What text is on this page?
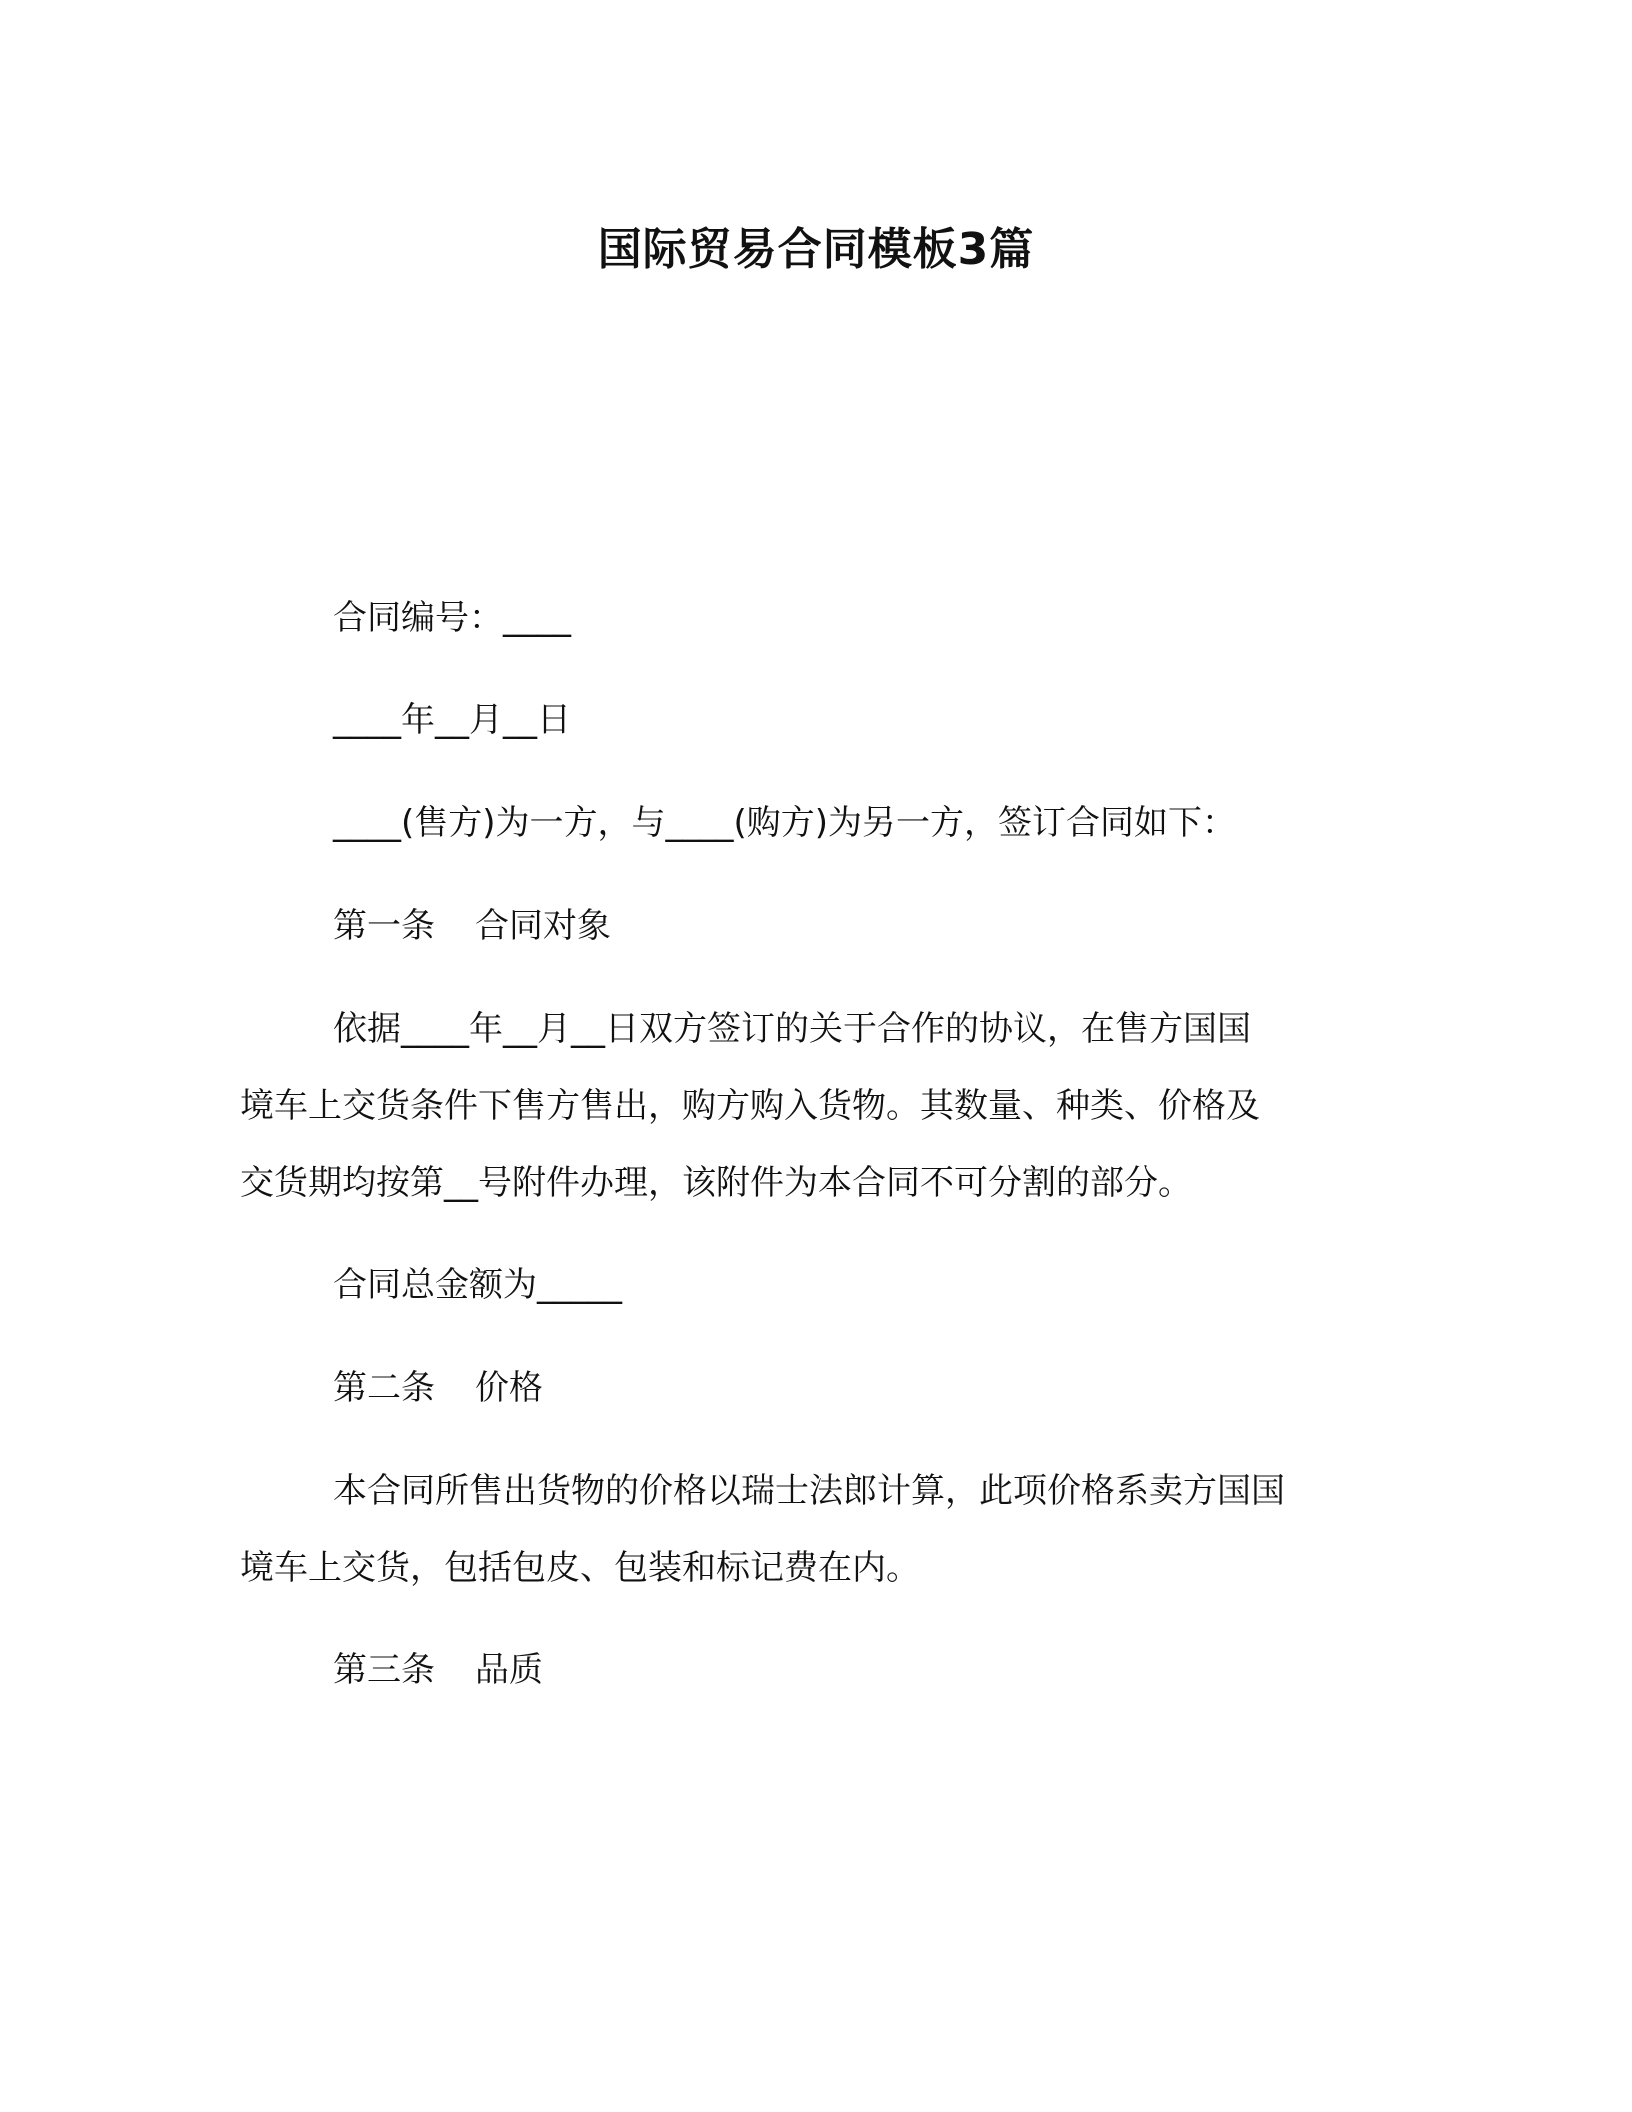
国际贸易合同模板3篇

合同编号：____

____年__月__日

____(售方)为一方，与____(购方)为另一方，签订合同如下：

第一条 合同对象

依据____年__月__日双方签订的关于合作的协议，在售方国国

境车上交货条件下售方售出，购方购入货物。其数量、种类、价格及

交货期均按第__号附件办理，该附件为本合同不可分割的部分。

合同总金额为_____

第二条 价格

本合同所售出货物的价格以瑞士法郎计算，此项价格系卖方国国

境车上交货，包括包皮、包装和标记费在内。

第三条 品质
